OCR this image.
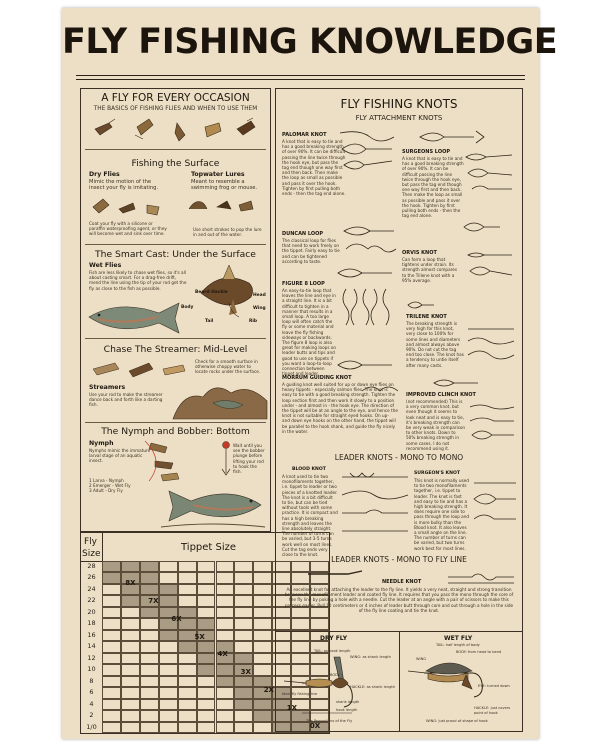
FLY FISHING KNOWLEDGE
A FLY FOR EVERY OCCASION
THE BASICS OF FISHING FLIES AND WHEN TO USE THEM
Fishing the Surface
Dry Flies
Mimic the motion of the insect your fly is imitating.
Topwater Lures
Meant to resemble a swimming frog or mouse.
Coat your fly with a silicone or paraffin waterproofing agent, or they will become wet and sink over time.
Use short strokes to pop the lure in and out of the water.
The Smart Cast: Under the Surface
Wet Flies
Fish are less likely to chase wet flies, so it's all about casting smart. For a drag-free drift, mend the line using the tip of your rod get the fly as close to the fish as possible.
Beard Hackle
Head
Body	Wing
Tail	Rib
Chase The Streamer: Mid-Level
Check for a smooth surface in otherwise choppy water to locate rocks under the surface.
Streamers
Use your rod to make the streamer dance back and forth like a darting fish.
The Nymph and Bobber: Bottom
Nymph
Nymphs mimic the immature larval stage of an aquatic insect.
1 Larva - Nymph
2 Emerger - Wet Fly
3 Adult - Dry Fly
Wait until you see the bobber plunge before lifting your rod to hook the fish.
Fly
Size
Tippet Size
28
26
24
22
20
18
16
14
12
10
8
6
4
2
1/0
8X
7X
6X
5X
4X
3X
2X
1X
0X
FLY FISHING KNOTS
FLY ATTACHMENT KNOTS
PALOMAR KNOT
A knot that is easy to tie and has a good breaking strength of over 90%. It can be difficult passing the line twice through the hook eye, but pass the tag end though one way first and then back. Then make the loop as small as possible and pass it over the hook. Tighten by first pulling both ends - then the tag end alone.
SURGEONS LOOP
A knot that is easy to tie and has a good breaking strength of over 90%. It can be difficult passing the line twice through the hook eye, but pass the tag end though one way first and then back. Then make the loop as small as possible and pass it over the hook. Tighten by first pulling both ends - then the tag end alone.
DUNCAN LOOP
The classical loop for flies that need to work freely on the tippet. Fairly easy to tie and can be tightened according to taste.
ORVIS KNOT
Can form a loop that tightens under strain. Its strength almost compares to the Trilene knot with a 95% average.
FIGURE 8 LOOP
An easy-to-tie loop that leaves the line and eye in a straight line. It is a bit difficult to tighten in a manner that results in a small loop. A too large loop will often catch the fly or some material and leave the fly fishing sideways or backwards. The figure 8 loop is also great for making loops on leader butts and tips and good to use on tippets if you want a loop-to-loop connection between tippet and leader.
TRILENE KNOT
The breaking strength is very high for this knot, very close to 100% for some lines and diameters and almost always above 90%. Do not cut the tag end too close. The knot has a tendency to untie itself after many casts.
MORRUM GUIDING KNOT
A guiding knot well suited for up or down eye flies on heavy tippets - especially salmon flies. The knot is easy to tie with a good breaking strength. Tighten the loop section first and then work it slowly to a position under - and almost in - the hook eye. The direction of the tippet will be at an angle to the eye, and hence the knot is not suitable for straight eyed hooks. On up- and down eye hooks on the other hand, the tippet will be parallel to the hook shank, and guide the fly nicely in the water.
IMPROVED CLINCH KNOT
(not recommended) This is a very common knot, but even though it seems to look neat and is easy to tie, it's breaking strength can be very weak in comparison to other knots. Down to 50% breaking strength in some cases. I do not recommend using it.
LEADER KNOTS - MONO TO MONO
BLOOD KNOT
A knot used to tie two monofilaments together, i.e. tippet to leader or two pieces of a knotted leader. The knot is a bit difficult to tie, but can be tied without tools with some practice. It is compact and has a high breaking strength and leaves the line absolutely straight. The number of turns can be varied, but 3-5 turns work well on most lines. Cut the tag ends very close to the knot.
SURGEON'S KNOT
This knot is normally used to tie two monofilaments together, i.e. tippet to leader. The knot is fast and easy to tie and has a high breaking strength. It does require one side to pass through the loop and is more bulky than the Blood knot. It also leaves a small angle on the line. The number of turns can be varied, but two turns work best for most lines.
LEADER KNOTS - MONO TO FLY LINE
NEEDLE KNOT
An excellent knot for attaching the leader to the fly line. It yields a very neat, straight and strong transition between the monofilament leader and coated fly line. It requires that you pass the mono through the core of the fly line by poking a hole with a needle. Cut the leader at an angle with a pair of scissors to make this process easier. Pull 10 centimeters or 4 inches of leader butt through core and out through a hole in the side of the fly line coating and tie the knot.
DRY FLY
TAIL: as hook length
WING: as shank length
HACKLE: as shank length
BODY
Ideal fly fishing line
shank length
hook length
The Proportions of the Fly
WET FLY
TAIL: half length of body
BODY: from head to bend
WING
EYE: turned down
HACKLE: just covers point of hook
WING: just proud of shape of hook
